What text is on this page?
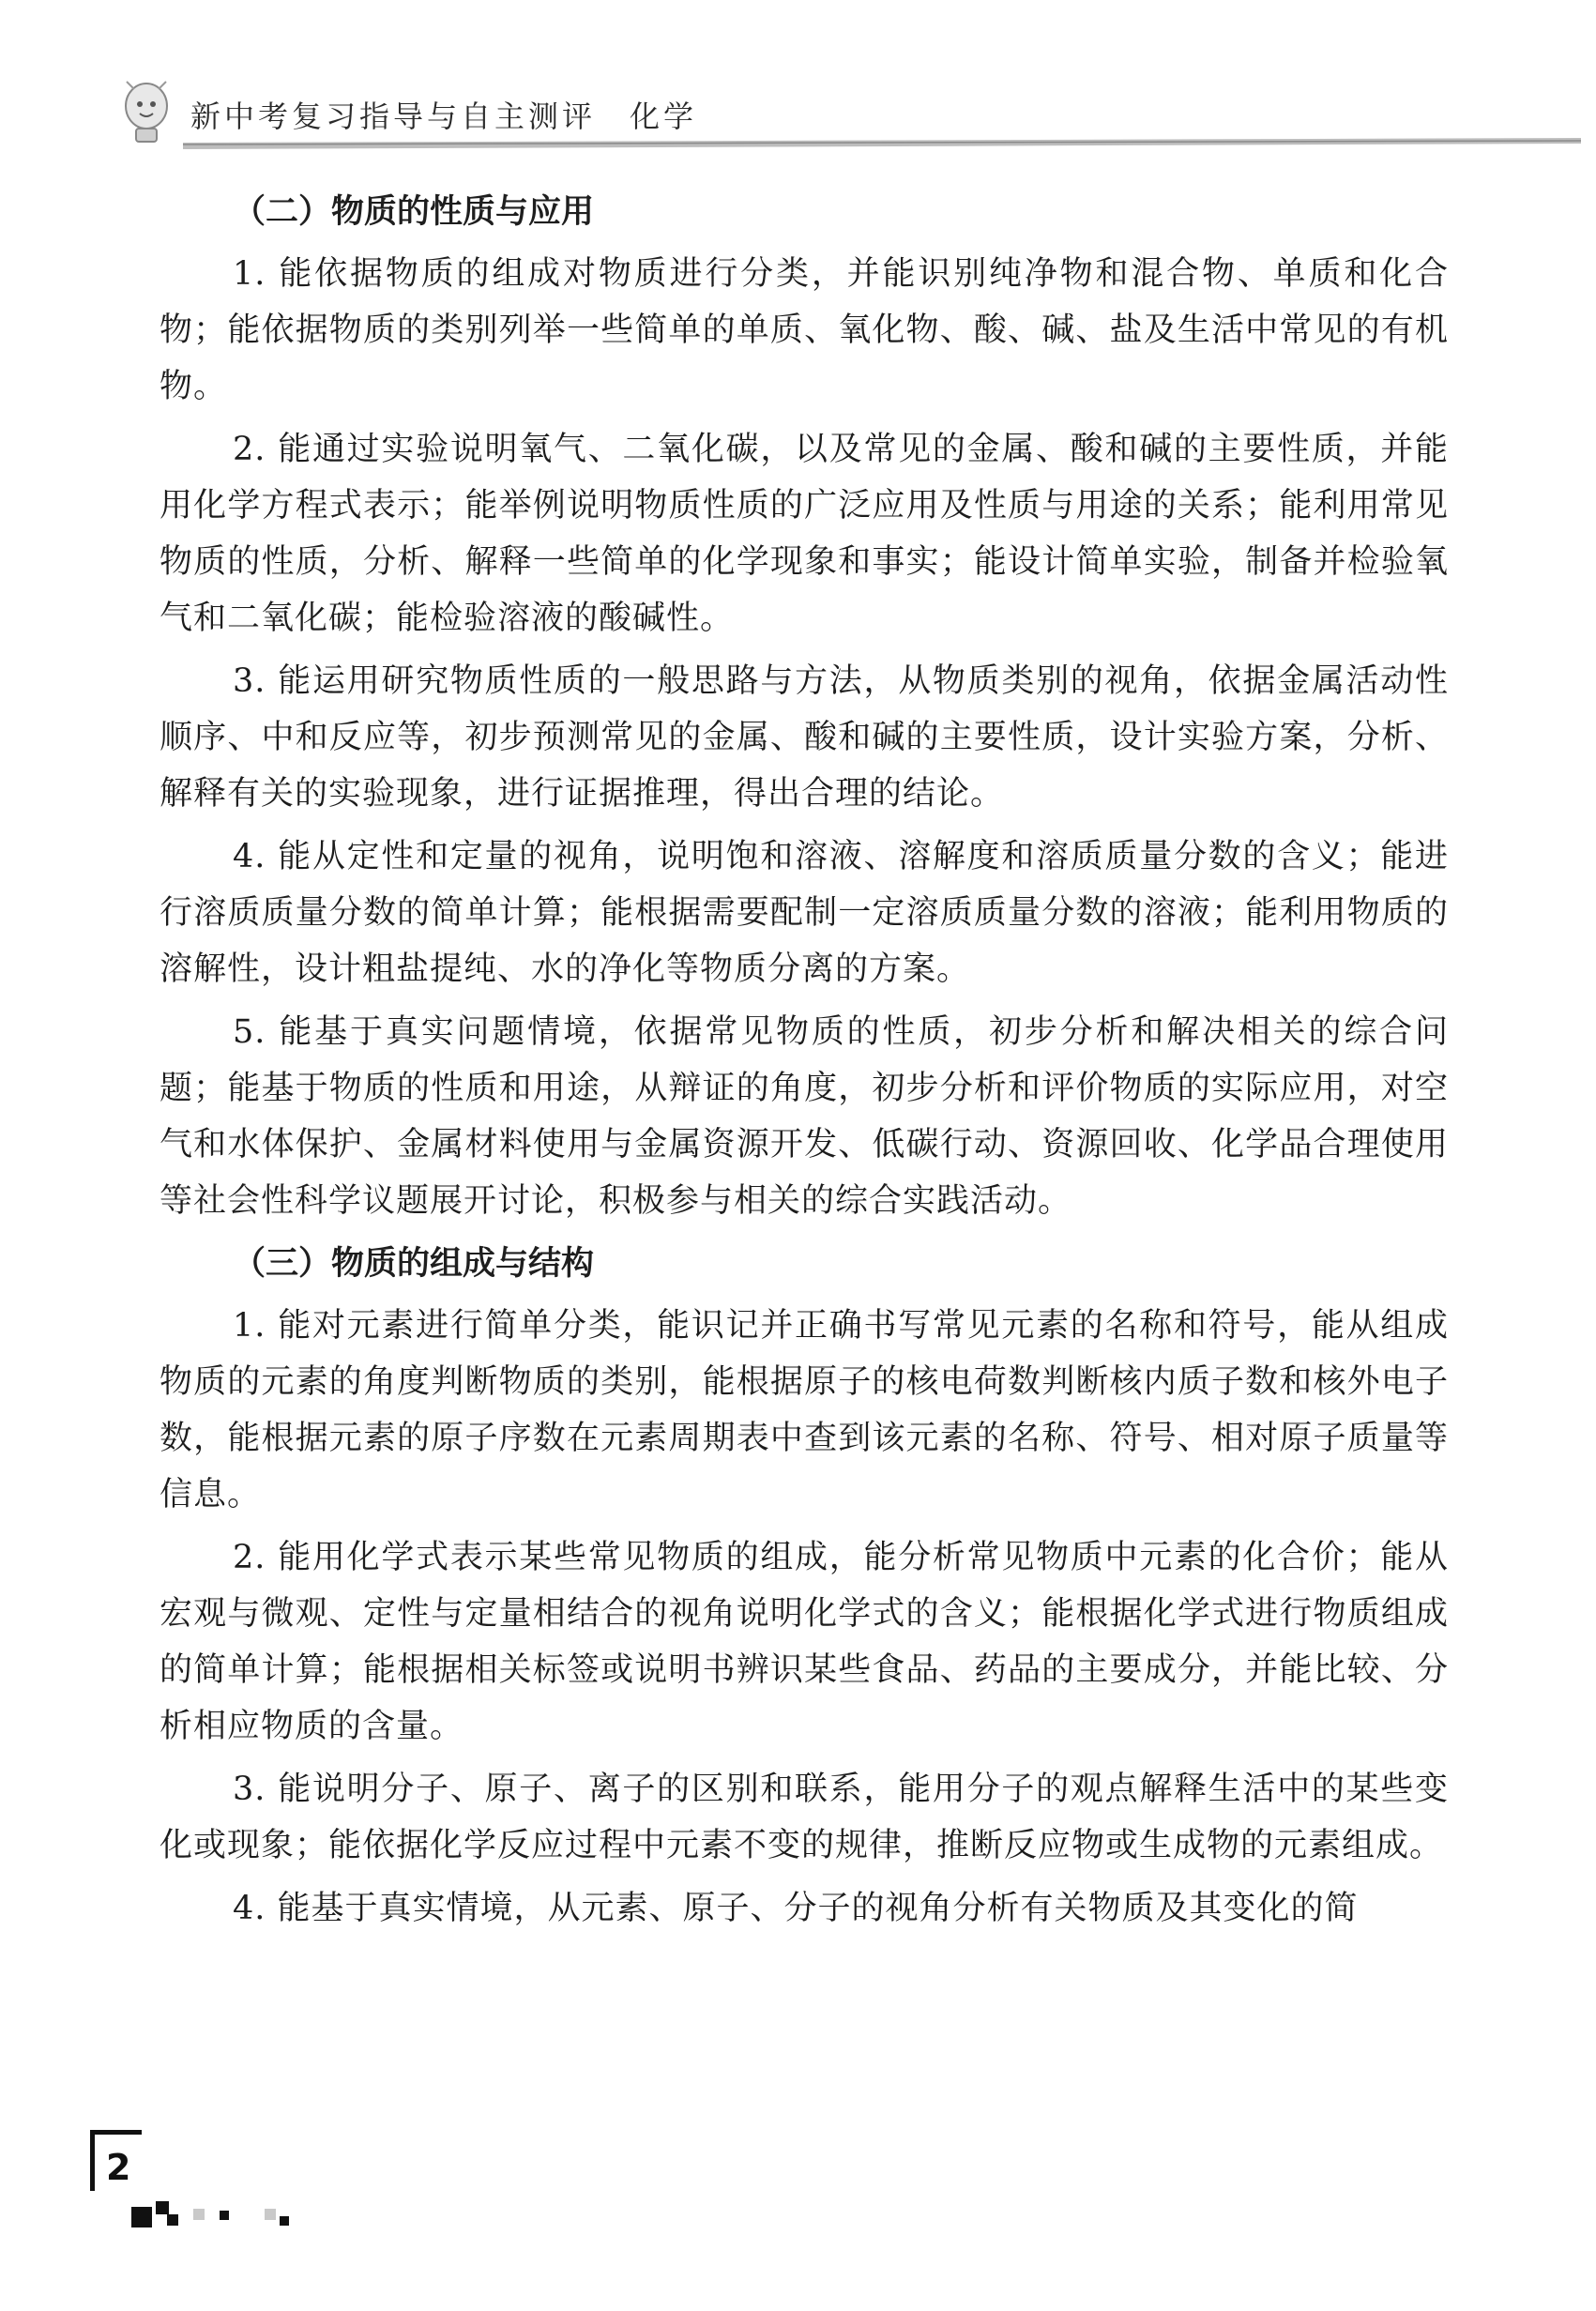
新中考复习指导与自主测评　化学
（二）物质的性质与应用

1. 能依据物质的组成对物质进行分类，并能识别纯净物和混合物、单质和化合物；能依据物质的类别列举一些简单的单质、氧化物、酸、碱、盐及生活中常见的有机物。

2. 能通过实验说明氧气、二氧化碳，以及常见的金属、酸和碱的主要性质，并能用化学方程式表示；能举例说明物质性质的广泛应用及性质与用途的关系；能利用常见物质的性质，分析、解释一些简单的化学现象和事实；能设计简单实验，制备并检验氧气和二氧化碳；能检验溶液的酸碱性。

3. 能运用研究物质性质的一般思路与方法，从物质类别的视角，依据金属活动性顺序、中和反应等，初步预测常见的金属、酸和碱的主要性质，设计实验方案，分析、解释有关的实验现象，进行证据推理，得出合理的结论。

4. 能从定性和定量的视角，说明饱和溶液、溶解度和溶质质量分数的含义；能进行溶质质量分数的简单计算；能根据需要配制一定溶质质量分数的溶液；能利用物质的溶解性，设计粗盐提纯、水的净化等物质分离的方案。

5. 能基于真实问题情境，依据常见物质的性质，初步分析和解决相关的综合问题；能基于物质的性质和用途，从辩证的角度，初步分析和评价物质的实际应用，对空气和水体保护、金属材料使用与金属资源开发、低碳行动、资源回收、化学品合理使用等社会性科学议题展开讨论，积极参与相关的综合实践活动。

（三）物质的组成与结构

1. 能对元素进行简单分类，能识记并正确书写常见元素的名称和符号，能从组成物质的元素的角度判断物质的类别，能根据原子的核电荷数判断核内质子数和核外电子数，能根据元素的原子序数在元素周期表中查到该元素的名称、符号、相对原子质量等信息。

2. 能用化学式表示某些常见物质的组成，能分析常见物质中元素的化合价；能从宏观与微观、定性与定量相结合的视角说明化学式的含义；能根据化学式进行物质组成的简单计算；能根据相关标签或说明书辨识某些食品、药品的主要成分，并能比较、分析相应物质的含量。

3. 能说明分子、原子、离子的区别和联系，能用分子的观点解释生活中的某些变化或现象；能依据化学反应过程中元素不变的规律，推断反应物或生成物的元素组成。

4. 能基于真实情境，从元素、原子、分子的视角分析有关物质及其变化的简

2
